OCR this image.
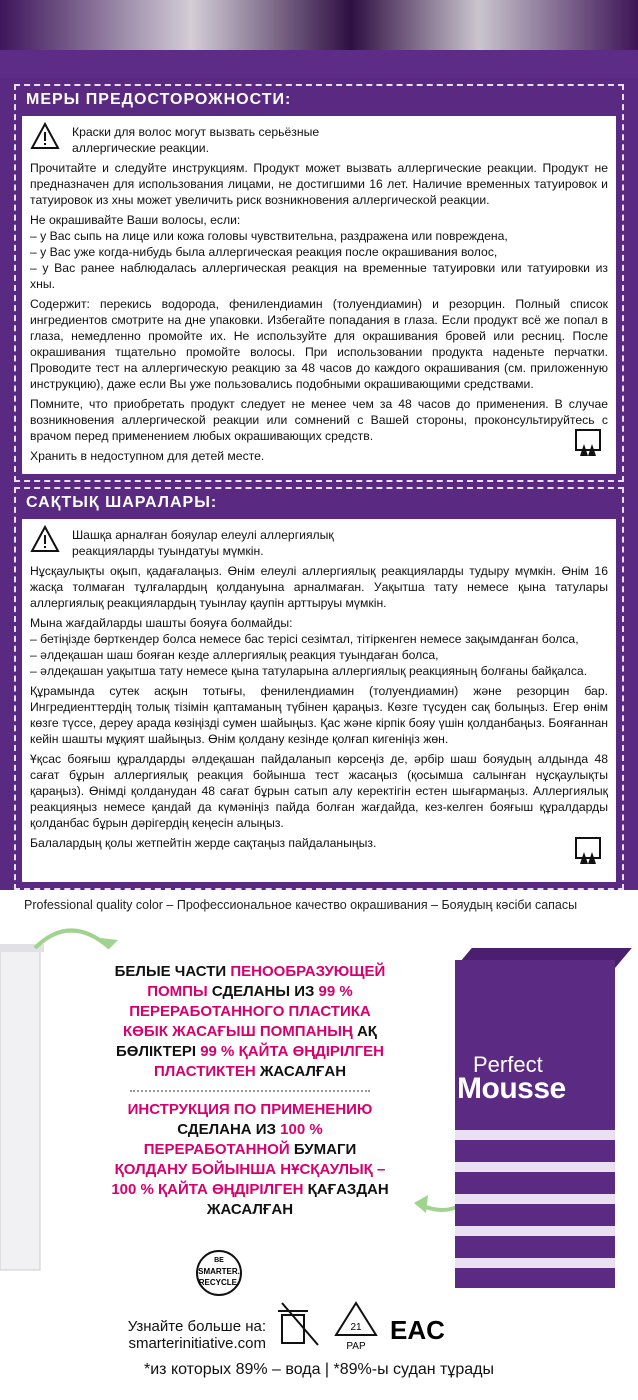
МЕРЫ ПРЕДОСТОРОЖНОСТИ:
Краски для волос могут вызвать серьёзные
аллергические реакции.

Прочитайте и следуйте инструкциям. Продукт может вызвать аллергические реакции. Продукт не предназначен для использования лицами, не достигшими 16 лет. Наличие временных татуировок и татуировок из хны может увеличить риск возникновения аллергической реакции.

Не окрашивайте Ваши волосы, если:

– у Вас сыпь на лице или кожа головы чувствительна, раздражена или повреждена,

– у Вас уже когда-нибудь была аллергическая реакция после окрашивания волос,

– у Вас ранее наблюдалась аллергическая реакция на временные татуировки или татуировки из хны.

Содержит: перекись водорода, фенилендиамин (толуендиамин) и резорцин. Полный список ингредиентов смотрите на дне упаковки. Избегайте попадания в глаза. Если продукт всё же попал в глаза, немедленно промойте их. Не используйте для окрашивания бровей или ресниц. После окрашивания тщательно промойте волосы. При использовании продукта наденьте перчатки. Проводите тест на аллергическую реакцию за 48 часов до каждого окрашивания (см. приложенную инструкцию), даже если Вы уже пользовались подобными окрашивающими средствами.

Помните, что приобретать продукт следует не менее чем за 48 часов до применения. В случае возникновения аллергической реакции или сомнений с Вашей стороны, проконсультируйтесь с врачом перед применением любых окрашивающих средств.

Хранить в недоступном для детей месте.

САҚТЫҚ ШАРАЛАРЫ:
Шашқа арналған бояулар елеулі аллергиялық
реакцияларды туындатуы мүмкін.

Нұсқаулықты оқып, қадағалаңыз. Өнім елеулі аллергиялық реакцияларды тудыру мүмкін. Өнім 16 жасқа толмаған тұлғалардың қолдануына арналмаған. Уақытша тату немесе қына татулары аллергиялық реакциялардың туынлау қаупін арттыруы мүмкін.

Мына жағдайларды шашты бояуға болмайды:

– бетіңізде бөрткендер болса немесе бас терісі сезімтал, тітіркенген немесе зақымданған болса,

– әлдеқашан шаш бояған кезде аллергиялық реакция туындаған болса,

– әлдеқашан уақытша тату немесе қына татуларына аллергиялық реакцияның болғаны байқалса.

Құрамында сутек асқын тотығы, фенилендиамин (толуендиамин) және резорцин бар. Ингредиенттердің толық тізімін қаптаманың түбінен қараңыз. Көзге түсуден сақ болыңыз. Егер өнім көзге түссе, дереу арада көзіңізді сумен шайыңыз. Қас және кірпік бояу үшін қолданбаңыз. Бояғаннан кейін шашты мұқият шайыңыз. Өнім қолдану кезінде қолғап кигеніңіз жөн.

Ұқсас бояғыш құралдарды әлдеқашан пайдаланып көрсеңіз де, әрбір шаш бояудың алдында 48 сағат бұрын аллергиялық реакция бойынша тест жасаңыз (қосымша салынған нұсқаулықты қараңыз). Өнімді қолданудан 48 сағат бұрын сатып алу керектігін естен шығармаңыз. Аллергиялық реакцияңыз немесе қандай да күмәніңіз пайда болған жағдайда, кез-келген бояғыш құралдарды қолданбас бұрын дәрігердің кеңесін алыңыз.

Балалардың қолы жетпейтін жерде сақтаңыз пайдаланыңыз.

Professional quality color – Профессиональное качество окрашивания – Бояудың кәсіби сапасы
БЕЛЫЕ ЧАСТИ ПЕНООБРАЗУЮЩЕЙ
ПОМПЫ СДЕЛАНЫ ИЗ 99 %
ПЕРЕРАБОТАННОГО ПЛАСТИКА
КӨБІК ЖАСАҒЫШ ПОМПАНЫҢ АҚ
БӨЛІКТЕРІ 99 % ҚАЙТА ӨҢДІРІЛГЕН
ПЛАСТИКТЕН ЖАСАЛҒАН
ИНСТРУКЦИЯ ПО ПРИМЕНЕНИЮ
СДЕЛАНА ИЗ 100 %
ПЕРЕРАБОТАННОЙ БУМАГИ
ҚОЛДАНУ БОЙЫНША НҰСҚАУЛЫҚ –
100 % ҚАЙТА ӨҢДІРІЛГЕН ҚАҒАЗДАН
ЖАСАЛҒАН
Perfect
Mousse
BE
SMARTER.
RECYCLE.
Узнайте больше на:
smarterinitiative.com
21
PAP
EAC
*из которых 89% – вода | *89%-ы судан тұрады
